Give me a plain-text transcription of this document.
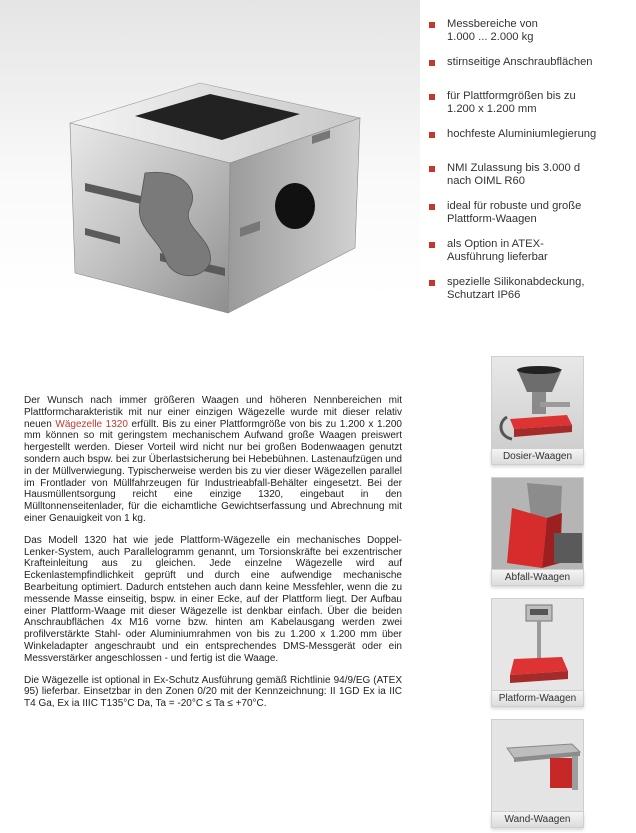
Messbereiche von
1.000 ... 2.000 kg
stirnseitige Anschraubflächen
für Plattformgrößen bis zu
1.200 x 1.200 mm
hochfeste Aluminiumlegierung
NMI Zulassung bis 3.000 d
nach OIML R60
ideal für robuste und große
Plattform-Waagen
als Option in ATEX-
Ausführung lieferbar
spezielle Silikonabdeckung,
Schutzart IP66
Dosier-Waagen
Abfall-Waagen
Platform-Waagen
Wand-Waagen

Der Wunsch nach immer größeren Waagen und höheren Nennbereichen mit Plattformcharakteristik mit nur einer einzigen Wägezelle wurde mit dieser relativ neuen Wägezelle 1320 erfüllt. Bis zu einer Plattformgröße von bis zu 1.200 x 1.200 mm können so mit geringstem mechanischem Aufwand große Waagen preiswert hergestellt werden. Dieser Vorteil wird nicht nur bei großen Bodenwaagen genutzt sondern auch bspw. bei zur Überlastsicherung bei Hebebühnen. Lastenaufzügen und in der Müllverwiegung. Typischerweise werden bis zu vier dieser Wägezellen parallel im Frontlader von Müllfahrzeugen für Industrieabfall-Behälter eingesetzt. Bei der Hausmüllentsorgung reicht eine einzige 1320, eingebaut in den Mülltonnenseitenlader, für die eichamtliche Gewichtserfassung und Abrechnung mit einer Genauigkeit von 1 kg.

Das Modell 1320 hat wie jede Plattform-Wägezelle ein mechanisches Doppel-Lenker-System, auch Parallelogramm genannt, um Torsionskräfte bei exzentrischer Krafteinleitung aus zu gleichen. Jede einzelne Wägezelle wird auf Eckenlastempfindlichkeit geprüft und durch eine aufwendige mechanische Bearbeitung optimiert. Dadurch entstehen auch dann keine Messfehler, wenn die zu messende Masse einseitig, bspw. in einer Ecke, auf der Plattform liegt. Der Aufbau einer Plattform-Waage mit dieser Wägezelle ist denkbar einfach. Über die beiden Anschraubflächen 4x M16 vorne bzw. hinten am Kabelausgang werden zwei profilverstärkte Stahl- oder Aluminiumrahmen von bis zu 1.200 x 1.200 mm über Winkeladapter angeschraubt und ein entsprechendes DMS-Messgerät oder ein Messverstärker angeschlossen - und fertig ist die Waage.

Die Wägezelle ist optional in Ex-Schutz Ausführung gemäß Richtlinie 94/9/EG (ATEX 95) lieferbar. Einsetzbar in den Zonen 0/20 mit der Kennzeichnung: II 1GD Ex ia IIC T4 Ga, Ex ia IIIC T135°C Da, Ta = -20°C ≤ Ta ≤ +70°C.
